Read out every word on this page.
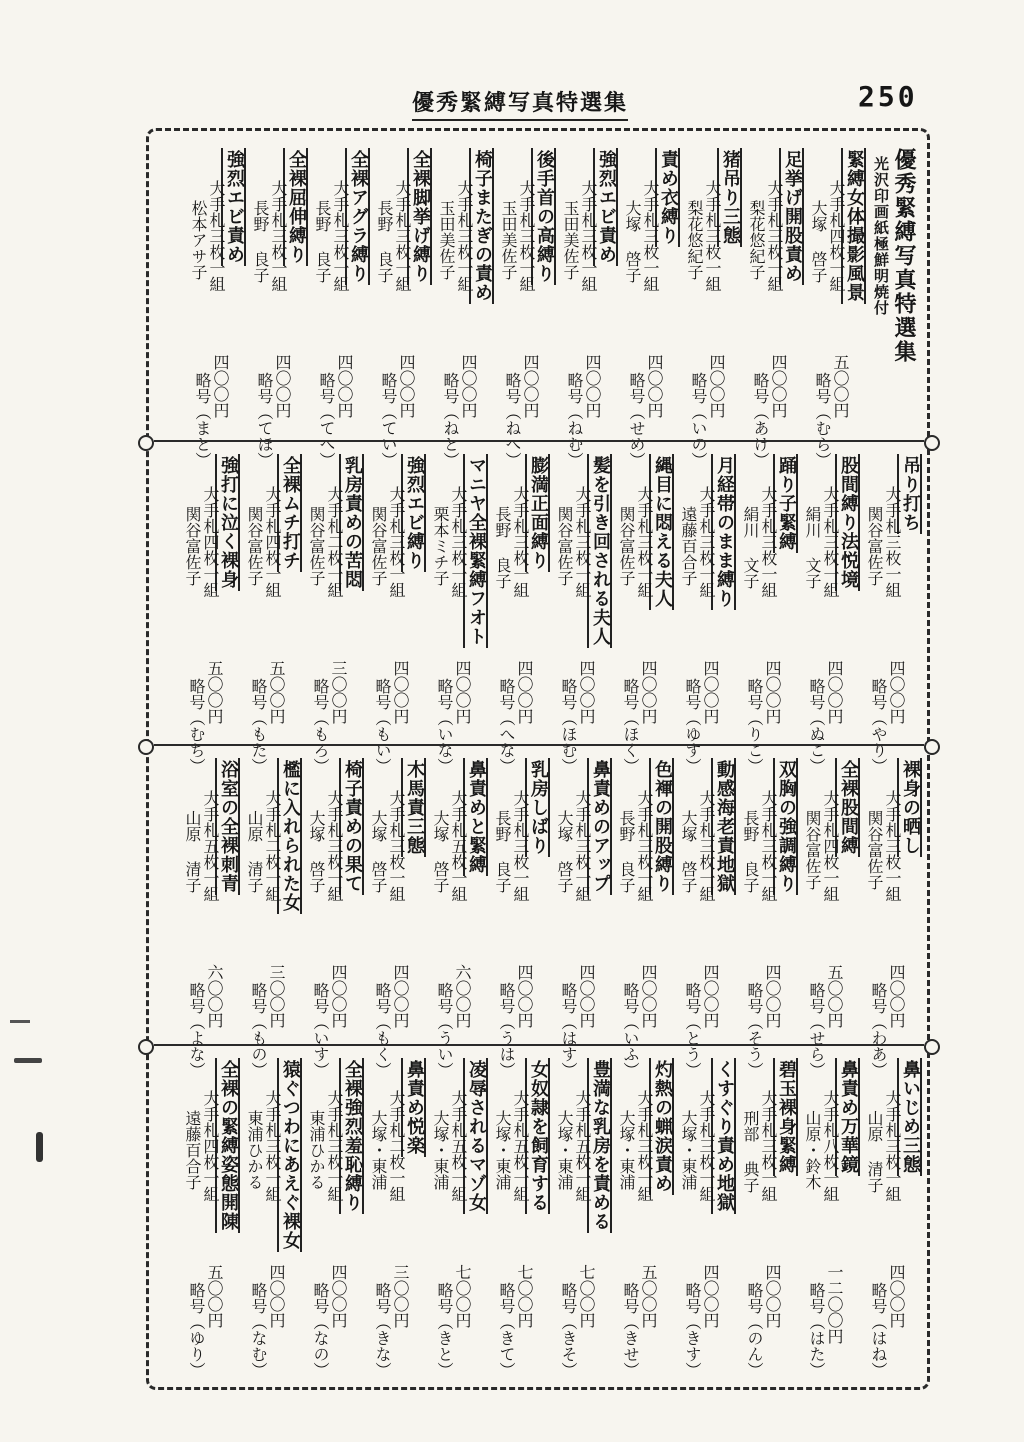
優秀緊縛写真特選集	250
優秀緊縛写真特選集
光沢印画紙極鮮明焼付
緊縛女体撮影風景
大手札四枚一組
大塚 啓子
五〇〇円
略号（むら）
足挙げ開股責め
大手札三枚一組
梨花悠紀子
四〇〇円
略号（あけ）
猪吊り三態
大手札三枚一組
梨花悠紀子
四〇〇円
略号（いの）
責め衣縛り
大手札三枚一組
大塚 啓子
四〇〇円
略号（せめ）
強烈エビ責め
大手札三枚一組
玉田美佐子
四〇〇円
略号（ねむ）
後手首の高縛り
大手札三枚一組
玉田美佐子
四〇〇円
略号（ねへ）
椅子またぎの責め
大手札三枚一組
玉田美佐子
四〇〇円
略号（ねと）
全裸脚挙げ縛り
大手札三枚一組
長野 良子
四〇〇円
略号（てい）
全裸アグラ縛り
大手札三枚一組
長野 良子
四〇〇円
略号（てへ）
全裸屈伸縛り
大手札三枚一組
長野 良子
四〇〇円
略号（てほ）
強烈エビ責め
大手札三枚一組
松本アサ子
四〇〇円
略号（まと）
吊り打ち
大手札三枚一組
関谷富佐子
四〇〇円
略号（やり）
股間縛り法悦境
大手札三枚一組
絹川 文子
四〇〇円
略号（ぬこ）
踊り子緊縛
大手札三枚一組
絹川 文子
四〇〇円
略号（りこ）
月経帯のまま縛り
大手札三枚一組
遠藤百合子
四〇〇円
略号（ゆす）
縄目に悶える夫人
大手札三枚一組
関谷富佐子
四〇〇円
略号（ほく）
髪を引き回される夫人
大手札三枚一組
関谷富佐子
四〇〇円
略号（ほむ）
膨満正面縛り
大手札三枚一組
長野 良子
四〇〇円
略号（へな）
マニヤ全裸緊縛フオト
大手札三枚一組
栗本ミチ子
四〇〇円
略号（いな）
強烈エビ縛り
大手札三枚一組
関谷富佐子
四〇〇円
略号（もい）
乳房責めの苦悶
大手札二枚一組
関谷富佐子
三〇〇円
略号（もろ）
全裸ムチ打チ
大手札四枚一組
関谷富佐子
五〇〇円
略号（もた）
強打に泣く裸身
大手札四枚一組
関谷富佐子
五〇〇円
略号（むち）
裸身の晒し
大手札三枚一組
関谷富佐子
四〇〇円
略号（わあ）
全裸股間縛
大手札四枚一組
関谷富佐子
五〇〇円
略号（せら）
双胸の強調縛り
大手札三枚一組
長野 良子
四〇〇円
略号（そう）
動感海老責地獄
大手札三枚一組
大塚 啓子
四〇〇円
略号（とう）
色褌の開股縛り
大手札三枚一組
長野 良子
四〇〇円
略号（いふ）
鼻責めのアップ
大手札三枚一組
大塚 啓子
四〇〇円
略号（はす）
乳房しばり
大手札三枚一組
長野 良子
四〇〇円
略号（うは）
鼻責めと緊縛
大手札五枚一組
大塚 啓子
六〇〇円
略号（うい）
木馬責三態
大手札三枚一組
大塚 啓子
四〇〇円
略号（もく）
椅子責めの果て
大手札三枚一組
大塚 啓子
四〇〇円
略号（いす）
檻に入れられた女
大手札二枚一組
山原 清子
三〇〇円
略号（もの）
浴室の全裸刺青
大手札五枚一組
山原 清子
六〇〇円
略号（よな）
鼻いじめ三態
大手札三枚一組
山原 清子
四〇〇円
略号（はね）
鼻責め万華鏡
大手札八枚一組
山原・鈴木
一二〇〇円
略号（はた）
碧玉裸身緊縛
大手札三枚一組
刑部 典子
四〇〇円
略号（のん）
くすぐり責め地獄
大手札三枚一組
大塚・東浦
四〇〇円
略号（きす）
灼熱の蝋涙責め
大手札三枚一組
大塚・東浦
五〇〇円
略号（きせ）
豊満な乳房を責める
大手札五枚一組
大塚・東浦
七〇〇円
略号（きそ）
女奴隷を飼育する
大手札五枚一組
大塚・東浦
七〇〇円
略号（きて）
凌辱されるマゾ女
大手札五枚一組
大塚・東浦
七〇〇円
略号（きと）
鼻責め悦楽
大手札二枚一組
大塚・東浦
三〇〇円
略号（きな）
全裸強烈羞恥縛り
大手札三枚一組
東浦ひかる
四〇〇円
略号（なの）
猿ぐつわにあえぐ裸女
大手札三枚一組
東浦ひかる
四〇〇円
略号（なむ）
全裸の緊縛姿態開陳
大手札四枚一組
遠藤百合子
五〇〇円
略号（ゆり）
